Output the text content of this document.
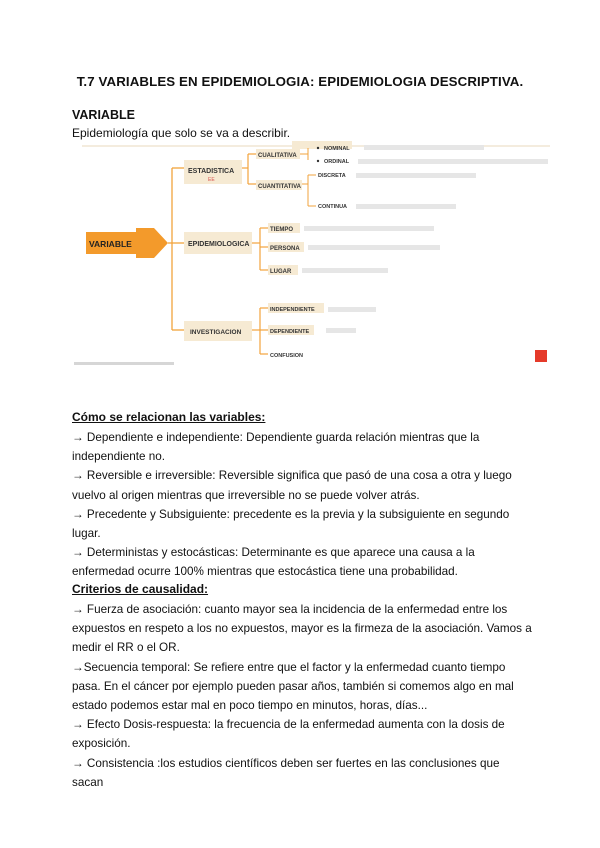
T.7 VARIABLES EN EPIDEMIOLOGIA: EPIDEMIOLOGIA DESCRIPTIVA.
VARIABLE
Epidemiología que solo se va a describir.
VARIABLE
ESTADISTICA
EE
CUALITATIVA
CUANTITATIVA
NOMINAL
ORDINAL
DISCRETA
CONTINUA
EPIDEMIOLOGICA
TIEMPO
PERSONA
LUGAR
INVESTIGACION
INDEPENDIENTE
DEPENDIENTE
CONFUSION
Cómo se relacionan las variables:

→ Dependiente e independiente: Dependiente guarda relación mientras que la independiente no.

→ Reversible e irreversible: Reversible significa que pasó de una cosa a otra y luego vuelvo al origen mientras que irreversible no se puede volver atrás.

→ Precedente y Subsiguiente: precedente es la previa y la subsiguiente en segundo lugar.

→ Deterministas y estocásticas: Determinante es que aparece una causa a la enfermedad ocurre 100% mientras que estocástica tiene una probabilidad.

Criterios de causalidad:

→ Fuerza de asociación: cuanto mayor sea la incidencia de la enfermedad entre los expuestos en respeto a los no expuestos, mayor es la firmeza de la asociación. Vamos a medir el RR o el OR.

→Secuencia temporal: Se refiere entre que el factor y la enfermedad cuanto tiempo pasa. En el cáncer por ejemplo pueden pasar años, también si comemos algo en mal estado podemos estar mal en poco tiempo en minutos, horas, días...

→ Efecto Dosis-respuesta: la frecuencia de la enfermedad aumenta con la dosis de exposición.

→ Consistencia :los estudios científicos deben ser fuertes en las conclusiones que sacan
